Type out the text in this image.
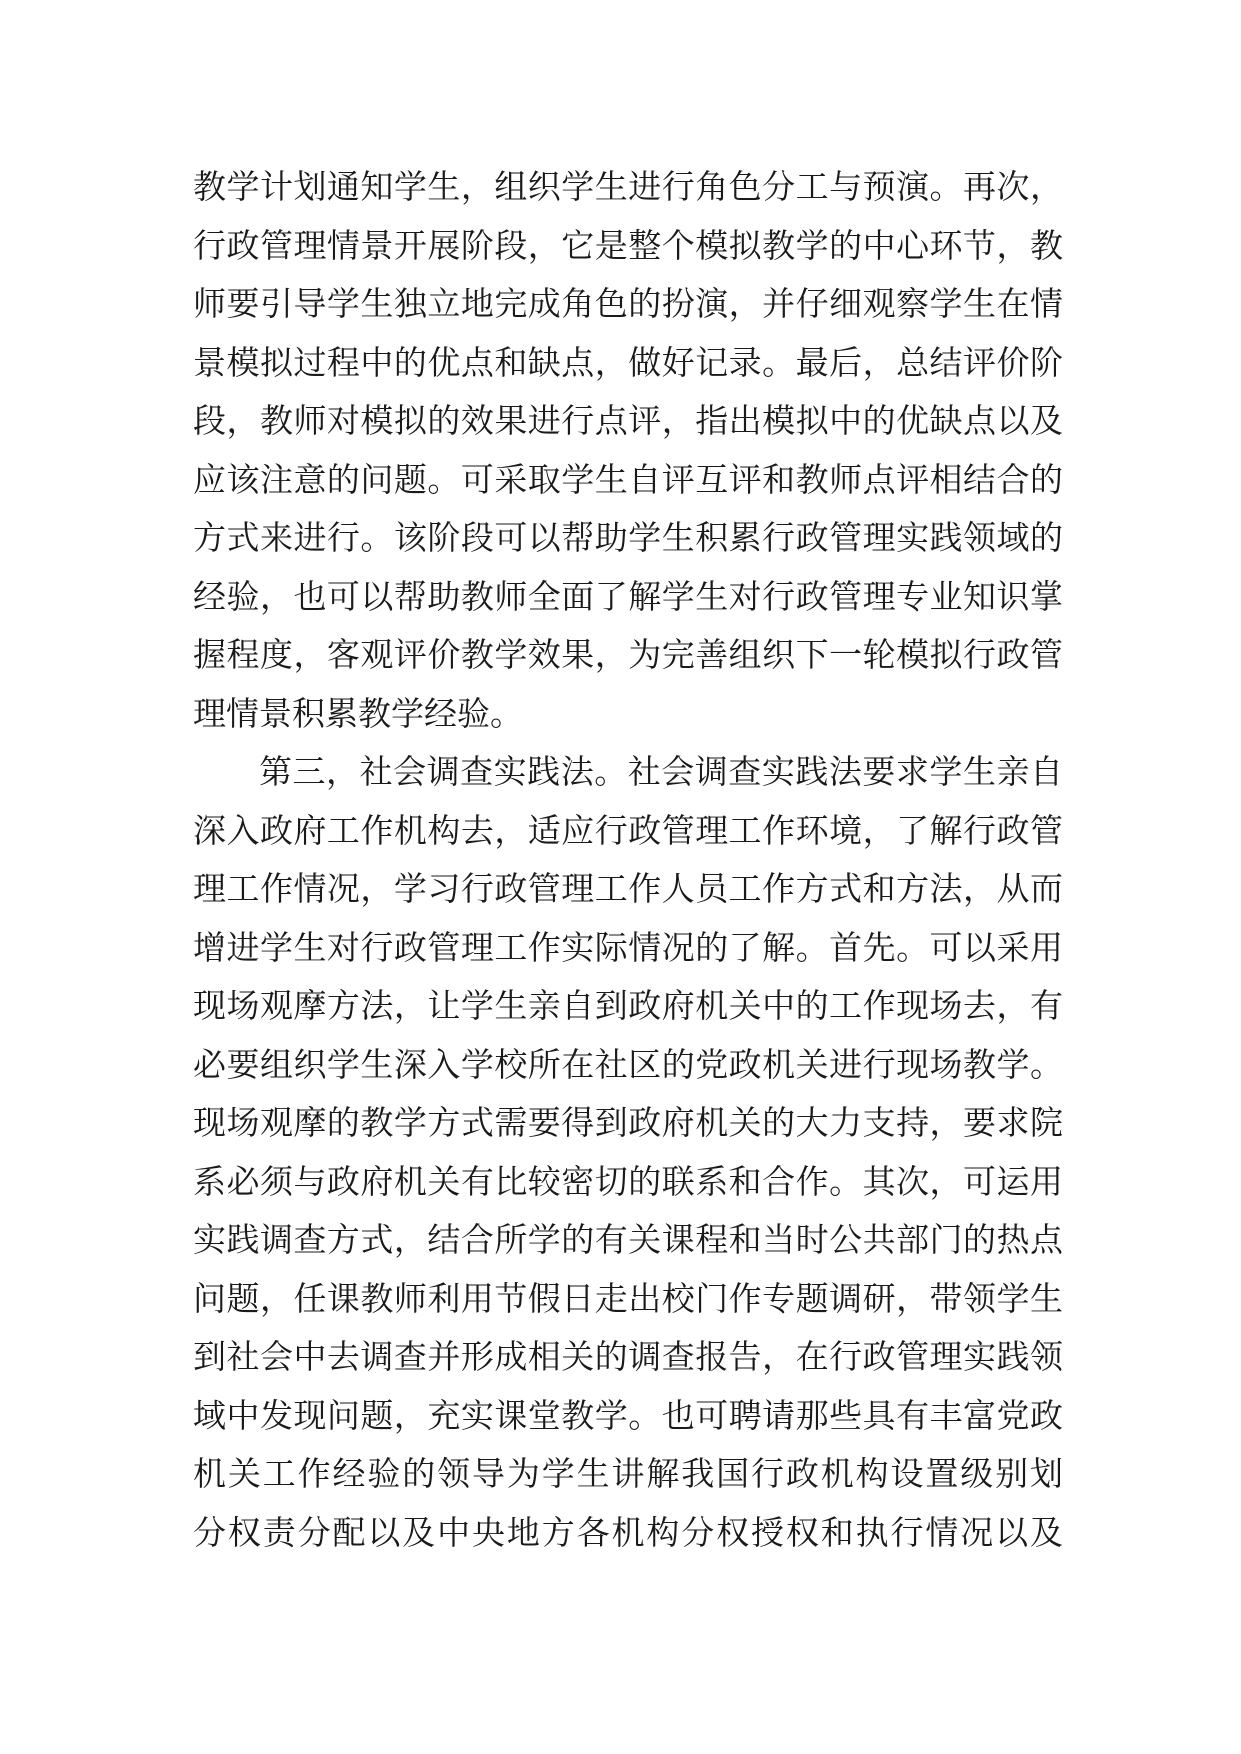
教学计划通知学生，组织学生进行角色分工与预演。再次，
行政管理情景开展阶段，它是整个模拟教学的中心环节，教
师要引导学生独立地完成角色的扮演，并仔细观察学生在情
景模拟过程中的优点和缺点，做好记录。最后，总结评价阶
段，教师对模拟的效果进行点评，指出模拟中的优缺点以及
应该注意的问题。可采取学生自评互评和教师点评相结合的
方式来进行。该阶段可以帮助学生积累行政管理实践领域的
经验，也可以帮助教师全面了解学生对行政管理专业知识掌
握程度，客观评价教学效果，为完善组织下一轮模拟行政管
理情景积累教学经验。
第三，社会调查实践法。社会调查实践法要求学生亲自
深入政府工作机构去，适应行政管理工作环境，了解行政管
理工作情况，学习行政管理工作人员工作方式和方法，从而
增进学生对行政管理工作实际情况的了解。首先。可以采用
现场观摩方法，让学生亲自到政府机关中的工作现场去，有
必要组织学生深入学校所在社区的党政机关进行现场教学。
现场观摩的教学方式需要得到政府机关的大力支持，要求院
系必须与政府机关有比较密切的联系和合作。其次，可运用
实践调查方式，结合所学的有关课程和当时公共部门的热点
问题，任课教师利用节假日走出校门作专题调研，带领学生
到社会中去调查并形成相关的调查报告，在行政管理实践领
域中发现问题，充实课堂教学。也可聘请那些具有丰富党政
机关工作经验的领导为学生讲解我国行政机构设置级别划
分权责分配以及中央地方各机构分权授权和执行情况以及
